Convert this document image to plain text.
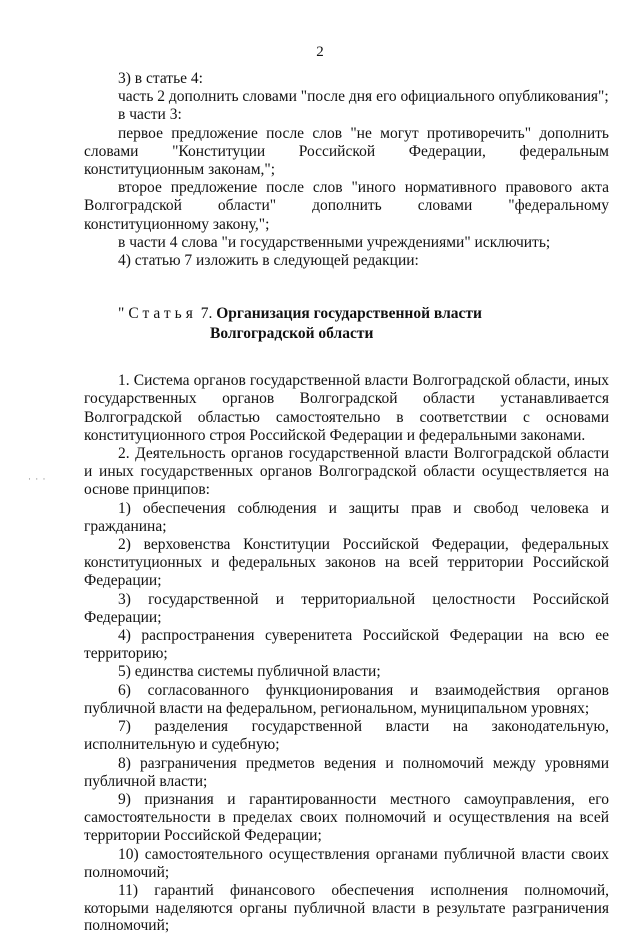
2
· · ·

3) в статье 4:

часть 2 дополнить словами "после дня его официального опубликования";

в части 3:

первое предложение после слов "не могут противоречить" дополнить словами "Конституции Российской Федерации, федеральным конституционным законам,";

второе предложение после слов "иного нормативного правового акта Волгоградской области" дополнить словами "федеральному конституционному закону,";

в части 4 слова "и государственными учреждениями" исключить;

4) статью 7 изложить в следующей редакции:

"Статья 7. Организация государственной власти
Волгоградской области

1. Система органов государственной власти Волгоградской области, иных государственных органов Волгоградской области устанавливается Волгоградской областью самостоятельно в соответствии с основами конституционного строя Российской Федерации и федеральными законами.

2. Деятельность органов государственной власти Волгоградской области и иных государственных органов Волгоградской области осуществляется на основе принципов:

1) обеспечения соблюдения и защиты прав и свобод человека и гражданина;

2) верховенства Конституции Российской Федерации, федеральных конституционных и федеральных законов на всей территории Российской Федерации;

3) государственной и территориальной целостности Российской Федерации;

4) распространения суверенитета Российской Федерации на всю ее территорию;

5) единства системы публичной власти;

6) согласованного функционирования и взаимодействия органов публичной власти на федеральном, региональном, муниципальном уровнях;

7) разделения государственной власти на законодательную, исполнительную и судебную;

8) разграничения предметов ведения и полномочий между уровнями публичной власти;

9) признания и гарантированности местного самоуправления, его самостоятельности в пределах своих полномочий и осуществления на всей территории Российской Федерации;

10) самостоятельного осуществления органами публичной власти своих полномочий;

11) гарантий финансового обеспечения исполнения полномочий, которыми наделяются органы публичной власти в результате разграничения полномочий;
